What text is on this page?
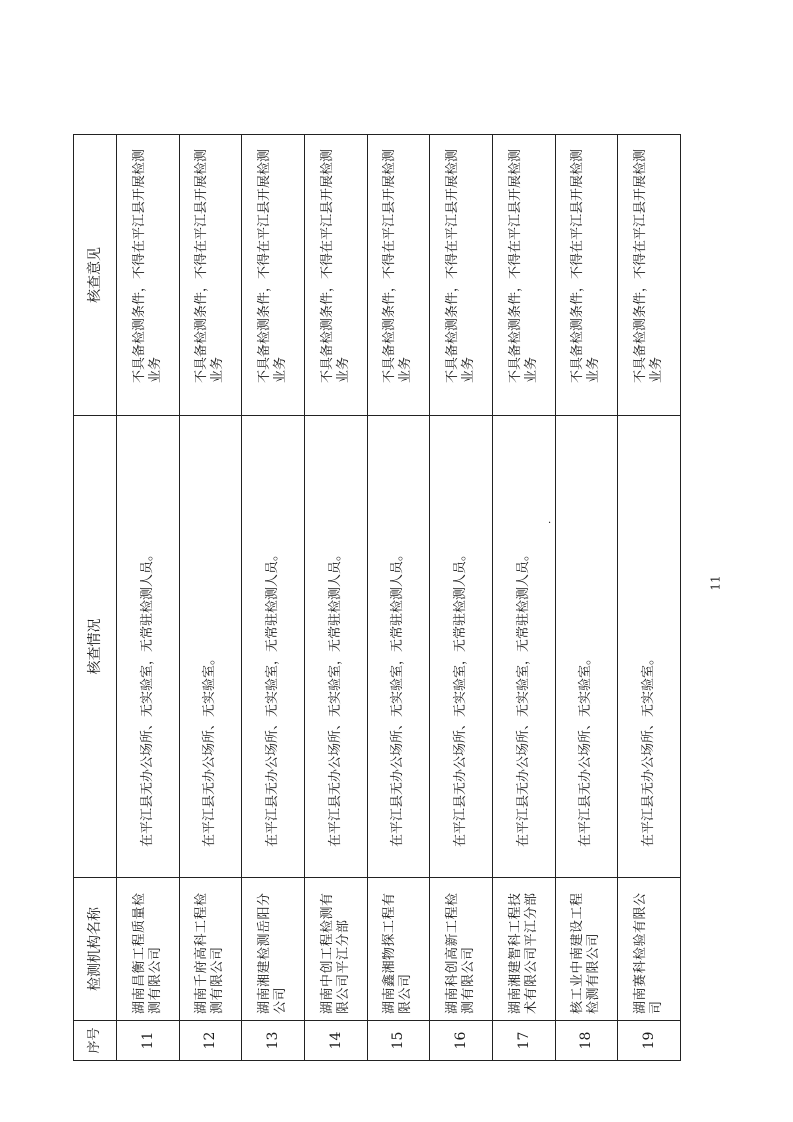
序号	检测机构名称	核查情况	核查意见
11	湖南昌衡工程质量检测有限公司	在平江县无办公场所、无实验室，无常驻检测人员。	不具备检测条件，不得在平江县开展检测业务
12	湖南千府高科工程检测有限公司	在平江县无办公场所、无实验室。	不具备检测条件，不得在平江县开展检测业务
13	湖南湘建检测岳阳分公司	在平江县无办公场所、无实验室，无常驻检测人员。	不具备检测条件，不得在平江县开展检测业务
14	湖南中创工程检测有限公司平江分部	在平江县无办公场所、无实验室，无常驻检测人员。	不具备检测条件，不得在平江县开展检测业务
15	湖南鑫湘物探工程有限公司	在平江县无办公场所、无实验室，无常驻检测人员。	不具备检测条件，不得在平江县开展检测业务
16	湖南科创高新工程检测有限公司	在平江县无办公场所、无实验室，无常驻检测人员。	不具备检测条件，不得在平江县开展检测业务
17	湖南湘建智科工程技术有限公司平江分部	在平江县无办公场所、无实验室，无常驻检测人员。	不具备检测条件，不得在平江县开展检测业务
18	核工业中南建设工程检测有限公司	在平江县无办公场所、无实验室。	不具备检测条件，不得在平江县开展检测业务
19	湖南赛科检验有限公司	在平江县无办公场所、无实验室。	不具备检测条件，不得在平江县开展检测业务
11
·
